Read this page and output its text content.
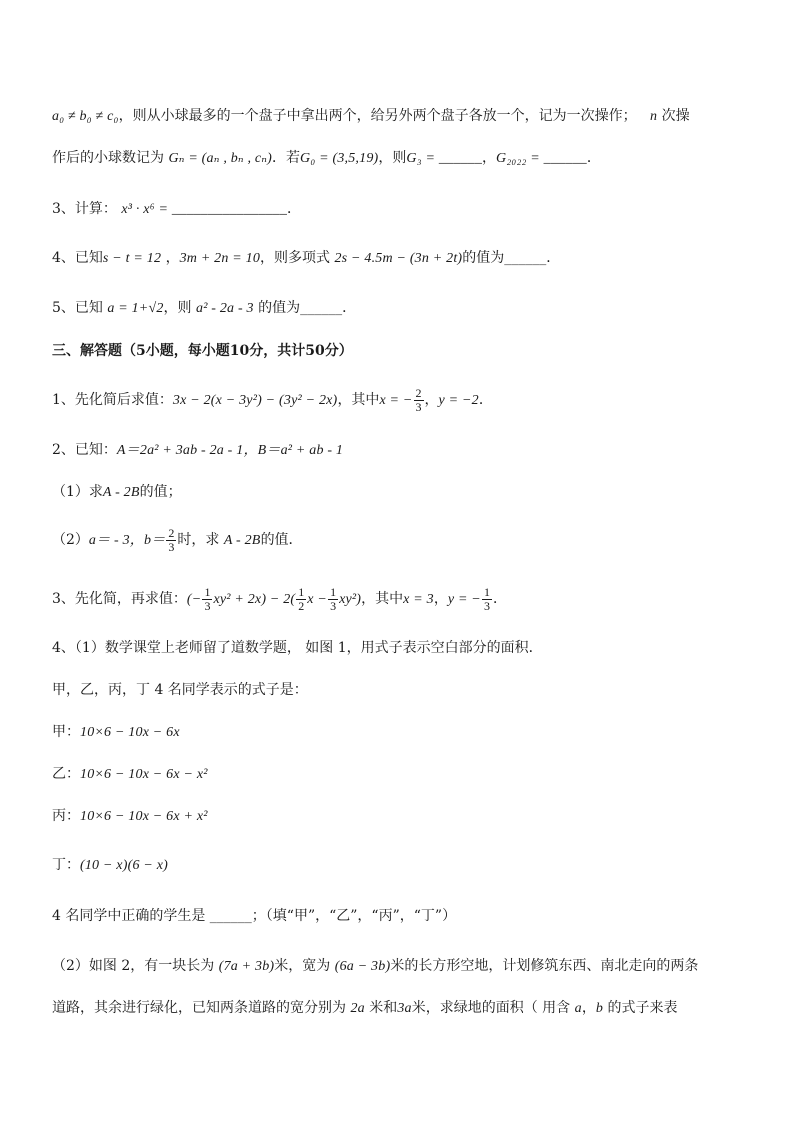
a₀ ≠ b₀ ≠ c₀，则从小球最多的一个盘子中拿出两个，给另外两个盘子各放一个，记为一次操作； n 次操
作后的小球数记为 Gₙ = (aₙ , bₙ , cₙ)．若G₀ = (3,5,19)，则G₃ = ______，G₂₀₂₂ = ______．
3、计算： x³ · x⁶ = ________________．
4、已知s − t = 12 ，3m + 2n = 10，则多项式 2s − 4.5m − (3n + 2t)的值为______．
5、已知 a = 1+√2，则 a² - 2a - 3 的值为______．
三、解答题（5小题，每小题10分，共计50分）
1、先化简后求值：3x − 2(x − 3y²) − (3y² − 2x)，其中x = − $\frac{2}{3}$ ，y = −2．
2、已知：A＝2a² + 3ab - 2a - 1，B＝a² + ab - 1
（1）求A - 2B的值；
（2）a＝ - 3，$b= \frac{2}{3}$ 时，求 A - 2B的值．
3、先化简，再求值：(− $\frac{1}{3} xy^2 + 2x) - 2( \frac{1}{2}$ $x - \frac{1}{3} xy^2$)，其中x = 3，y = − $\frac{1}{3}$ ．
4、（1）数学课堂上老师留了道数学题， 如图 1，用式子表示空白部分的面积．
甲，乙，丙，丁 4 名同学表示的式子是：
甲：10×6 − 10x − 6x
乙：10×6 − 10x − 6x − x²
丙：10×6 − 10x − 6x + x²
丁：(10 − x)(6 − x)
4 名同学中正确的学生是 ______；（填“甲”，“乙”，“丙”，“丁”）
（2）如图 2，有一块长为 (7a + 3b)米，宽为 (6a − 3b)米的长方形空地，计划修筑东西、南北走向的两条
道路，其余进行绿化，已知两条道路的宽分别为 2a 米和3a米，求绿地的面积（ 用含 a，b 的式子来表
